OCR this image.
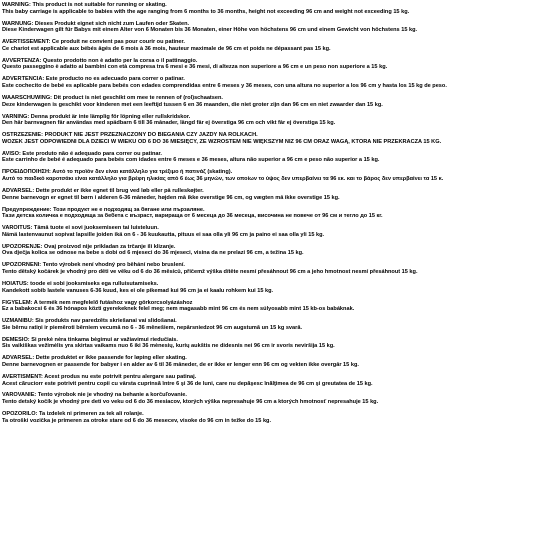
WARNING: This product is not suitable for running or skating.
This baby carriage is applicable to babies with the age ranging from 6 months to 36 months, height not exceeding 96 cm and weight not exceeding 15 kg.
WARNUNG: Dieses Produkt eignet sich nicht zum Laufen oder Skaten.
Diese Kinderwagen gilt für Babys mit einem Alter von 6 Monaten bis 36 Monaten, einer Höhe von höchstens 96 cm und einem Gewicht von höchstens 15 kg.
AVERTISSEMENT: Ce produit ne convient pas pour courir ou patiner.
Ce chariot est applicable aux bébés âgés de 6 mois à 36 mois, hauteur maximale de 96 cm et poids ne dépassant pas 15 kg.
AVVERTENZA: Questo prodotto non è adatto per la corsa o il pattinaggio.
Questo passeggino è adatto ai bambini con età compresa tra 6 mesi e 36 mesi, di altezza non superiore a 96 cm e un peso non superiore a 15 kg.
ADVERTENCIA: Este producto no es adecuado para correr o patinar.
Este cochecito de bebé es aplicable para bebés con edades comprendidas entre 6 meses y 36 meses, con una altura no superior a los 96 cm y hasta los 15 kg de peso.
WAARSCHUWING: Dit product is niet geschikt om mee te rennen of (rol)schaatsen.
Deze kinderwagen is geschikt voor kinderen met een leeftijd tussen 6 en 36 maanden, die niet groter zijn dan 96 cm en niet zwaarder dan 15 kg.
VARNING: Denna produkt är inte lämplig för löpning eller rullskridskor.
Den här barnvagnen får användas med spädbarn 6 till 36 månader, längd får ej överstiga 96 cm och vikt får ej överstiga 15 kg.
OSTRZEŻENIE: PRODUKT NIE JEST PRZEZNACZONY DO BIEGANIA CZY JAZDY NA ROLKACH.
WÓZEK JEST ODPOWIEDNI DLA DZIECI W WIEKU OD 6 DO 36 MIESIĘCY, ZE WZROSTEM NIE WIĘKSZYM NIŻ 96 CM ORAZ WAGĄ, KTÓRA NIE PRZEKRACZA 15 KG.
AVISO: Este produto não é adequado para correr ou patinar.
Este carrinho de bebé é adequado para bebés com idades entre 6 meses e 36 meses, altura não superior a 96 cm e peso não superior a 15 kg.
ΠΡΟΕΙΔΟΠΟΙΗΣΗ: Αυτό το προϊόν δεν είναι κατάλληλο για τρέξιμο ή πατινάζ (skating).
Αυτό το παιδικό καροτσάκι είναι κατάλληλο για βρέφη ηλικίας από 6 έως 36 μηνών, των οποίων το ύψος δεν υπερβαίνει τα 96 εκ. και το βάρος δεν υπερβαίνει τα 15 κ.
ADVARSEL: Dette produkt er ikke egnet til brug ved løb eller på rulleskøjter.
Denne barnevogn er egnet til børn i alderen 6-36 måneder, højden må ikke overstige 96 cm, og vægten må ikke overstige 15 kg.
Предупреждение: Този продукт не е подходящ за бягане или пързаляне.
Тази детска количка е подходяща за бебета с възраст, варираща от 6 месеца до 36 месеца, височина не повече от 96 см и тегло до 15 кг.
VAROITUS: Tämä tuote ei sovi juoksemiseen tai luisteluun.
Nämä lastenvaunut sopivat lapsille joiden ikä on 6 - 36 kuukautta, pituus ei saa olla yli 96 cm ja paino ei saa olla yli 15 kg.
UPOZORENJE: Ovaj proizvod nije prikladan za trčanje ili klizanje.
Ova dječja kolica se odnose na bebe s dobi od 6 mjeseci do 36 mjeseci, visina da ne prelazi 96 cm, a težina 15 kg.
UPOZORNĚNÍ: Tento výrobek není vhodný pro běhání nebo bruslení.
Tento dětský kočárek je vhodný pro děti ve věku od 6 do 36 měsíců, přičemž výška dítěte nesmí přesáhnout 96 cm a jeho hmotnost nesmí přesáhnout 15 kg.
HOIATUS: toode ei sobi jooksmiseks ega rulluisutamiseks.
Kandekott sobib lastele vanuses 6-36 kuud, kes ei ole pikemad kui 96 cm ja ei kaalu rohkem kui 15 kg.
FIGYELEM: A termék nem megfelelő futáshoz vagy görkorcsolyázáshoz
Ez a babakocsi 6 és 36 hónapos közti gyerekeknek felel meg; nem magasabb mint 96 cm és nem súlyosabb mint 15 kb-os babáknak.
UZMANĪBU: Šis produkts nav paredzēts skriešanai vai slidošanai.
Šie bērnu ratiņi ir piemēroti bērniem vecumā no 6 - 36 mēnešiem, nepārsniedzot 96 cm augstumā un 15 kg svarā.
DĖMESIO: Ši prekė nėra tinkama bėgimui ar važiavimui riedučiais.
Šis vaikiškas vežimėlis yra skirtas vaikams nuo 6 iki 36 mėnesių, kurių aukštis ne didesnis nei 96 cm ir svoris neviršija 15 kg.
ADVARSEL: Dette produktet er ikke passende for løping eller skating.
Denne barnevognen er passende for babyer i en alder av 6 til 36 måneder, de er ikke er lenger enn 96 cm og vekten ikke overgår 15 kg.
AVERTISMENT: Acest produs nu este potrivit pentru alergare sau patinaj.
Acest căruciorr este potrivit pentru copii cu vârsta cuprinsă între 6 şi 36 de luni, care nu depăşesc înălţimea de 96 cm şi greutatea de 15 kg.
VAROVANIE: Tento výrobok nie je vhodný na behanie a korčuľovanie.
Tento detský kočík je vhodný pre deti vo veku od 6 do 36 mesiacov, ktorých výška nepresahuje 96 cm a ktorých hmotnosť nepresahuje 15 kg.
OPOZORILO: Ta izdelek ni primeren za tek ali rolanje.
Ta otroški vozička je primeren za otroke stare od 6 do 36 mesecev, visoke do 96 cm in težke do 15 kg.
